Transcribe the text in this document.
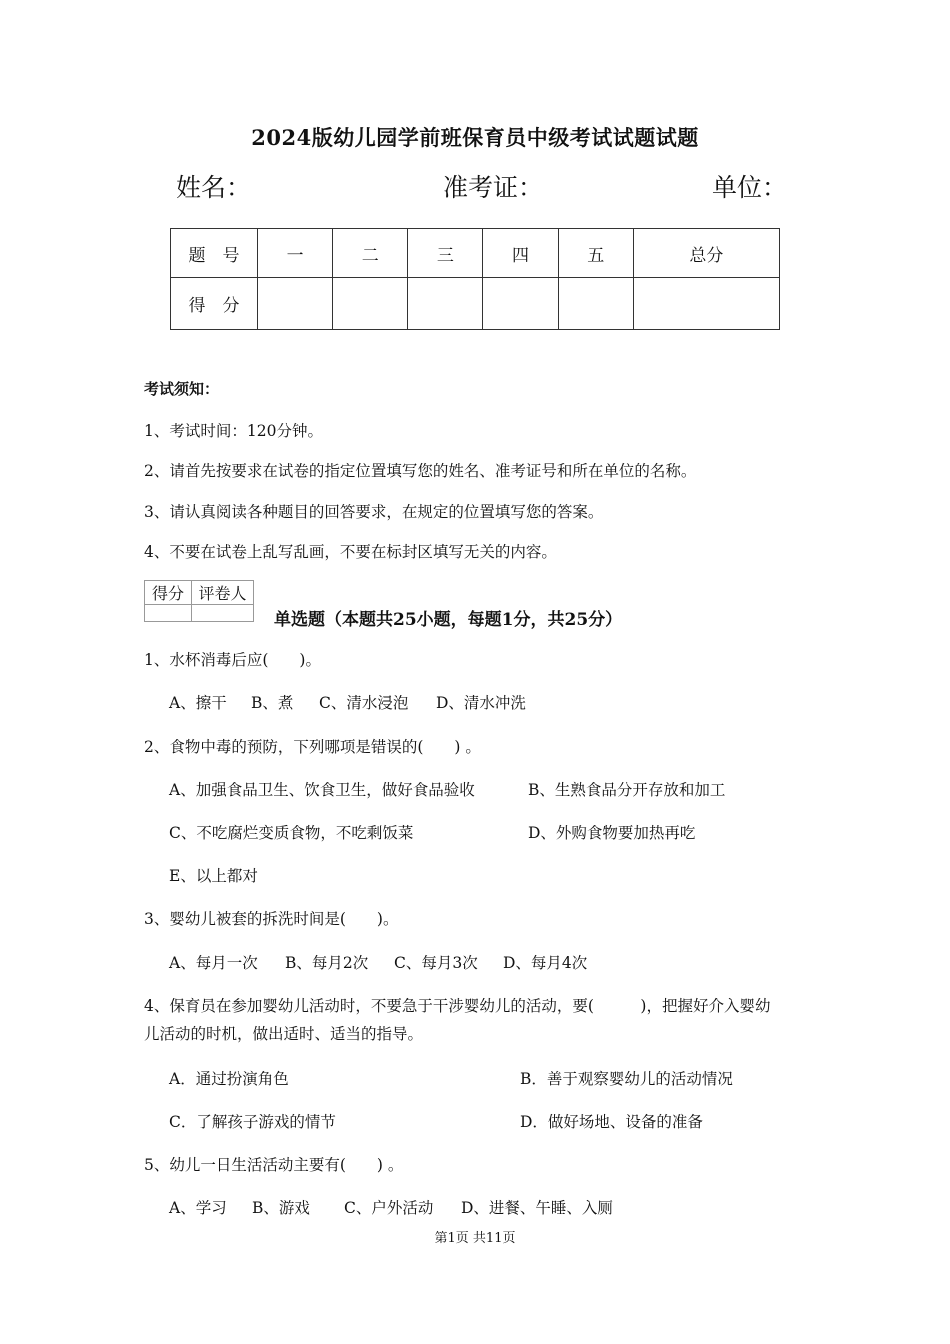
2024版幼儿园学前班保育员中级考试试题试题
姓名：	准考证：	单位：
题　号	一	二	三	四	五	总分
得　分						
考试须知：
1、考试时间：120分钟。
2、请首先按要求在试卷的指定位置填写您的姓名、准考证号和所在单位的名称。
3、请认真阅读各种题目的回答要求，在规定的位置填写您的答案。
4、不要在试卷上乱写乱画，不要在标封区填写无关的内容。
得分	评卷人

单选题（本题共25小题，每题1分，共25分）
1、水杯消毒后应(　　)。
A、擦干 B、煮 C、清水浸泡 D、清水冲洗
2、食物中毒的预防，下列哪项是错误的(　　) 。
A、加强食品卫生、饮食卫生，做好食品验收	B、生熟食品分开存放和加工
C、不吃腐烂变质食物，不吃剩饭菜	D、外购食物要加热再吃
E、以上都对
3、婴幼儿被套的拆洗时间是(　　)。
A、每月一次 B、每月2次 C、每月3次 D、每月4次
4、保育员在参加婴幼儿活动时，不要急于干涉婴幼儿的活动，要(　　　)，把握好介入婴幼
儿活动的时机，做出适时、适当的指导。
A．通过扮演角色	B．善于观察婴幼儿的活动情况
C．了解孩子游戏的情节	D．做好场地、设备的准备
5、幼儿一日生活活动主要有(　　) 。
A、学习 B、游戏 C、户外活动 D、进餐、午睡、入厕
第1页 共11页
